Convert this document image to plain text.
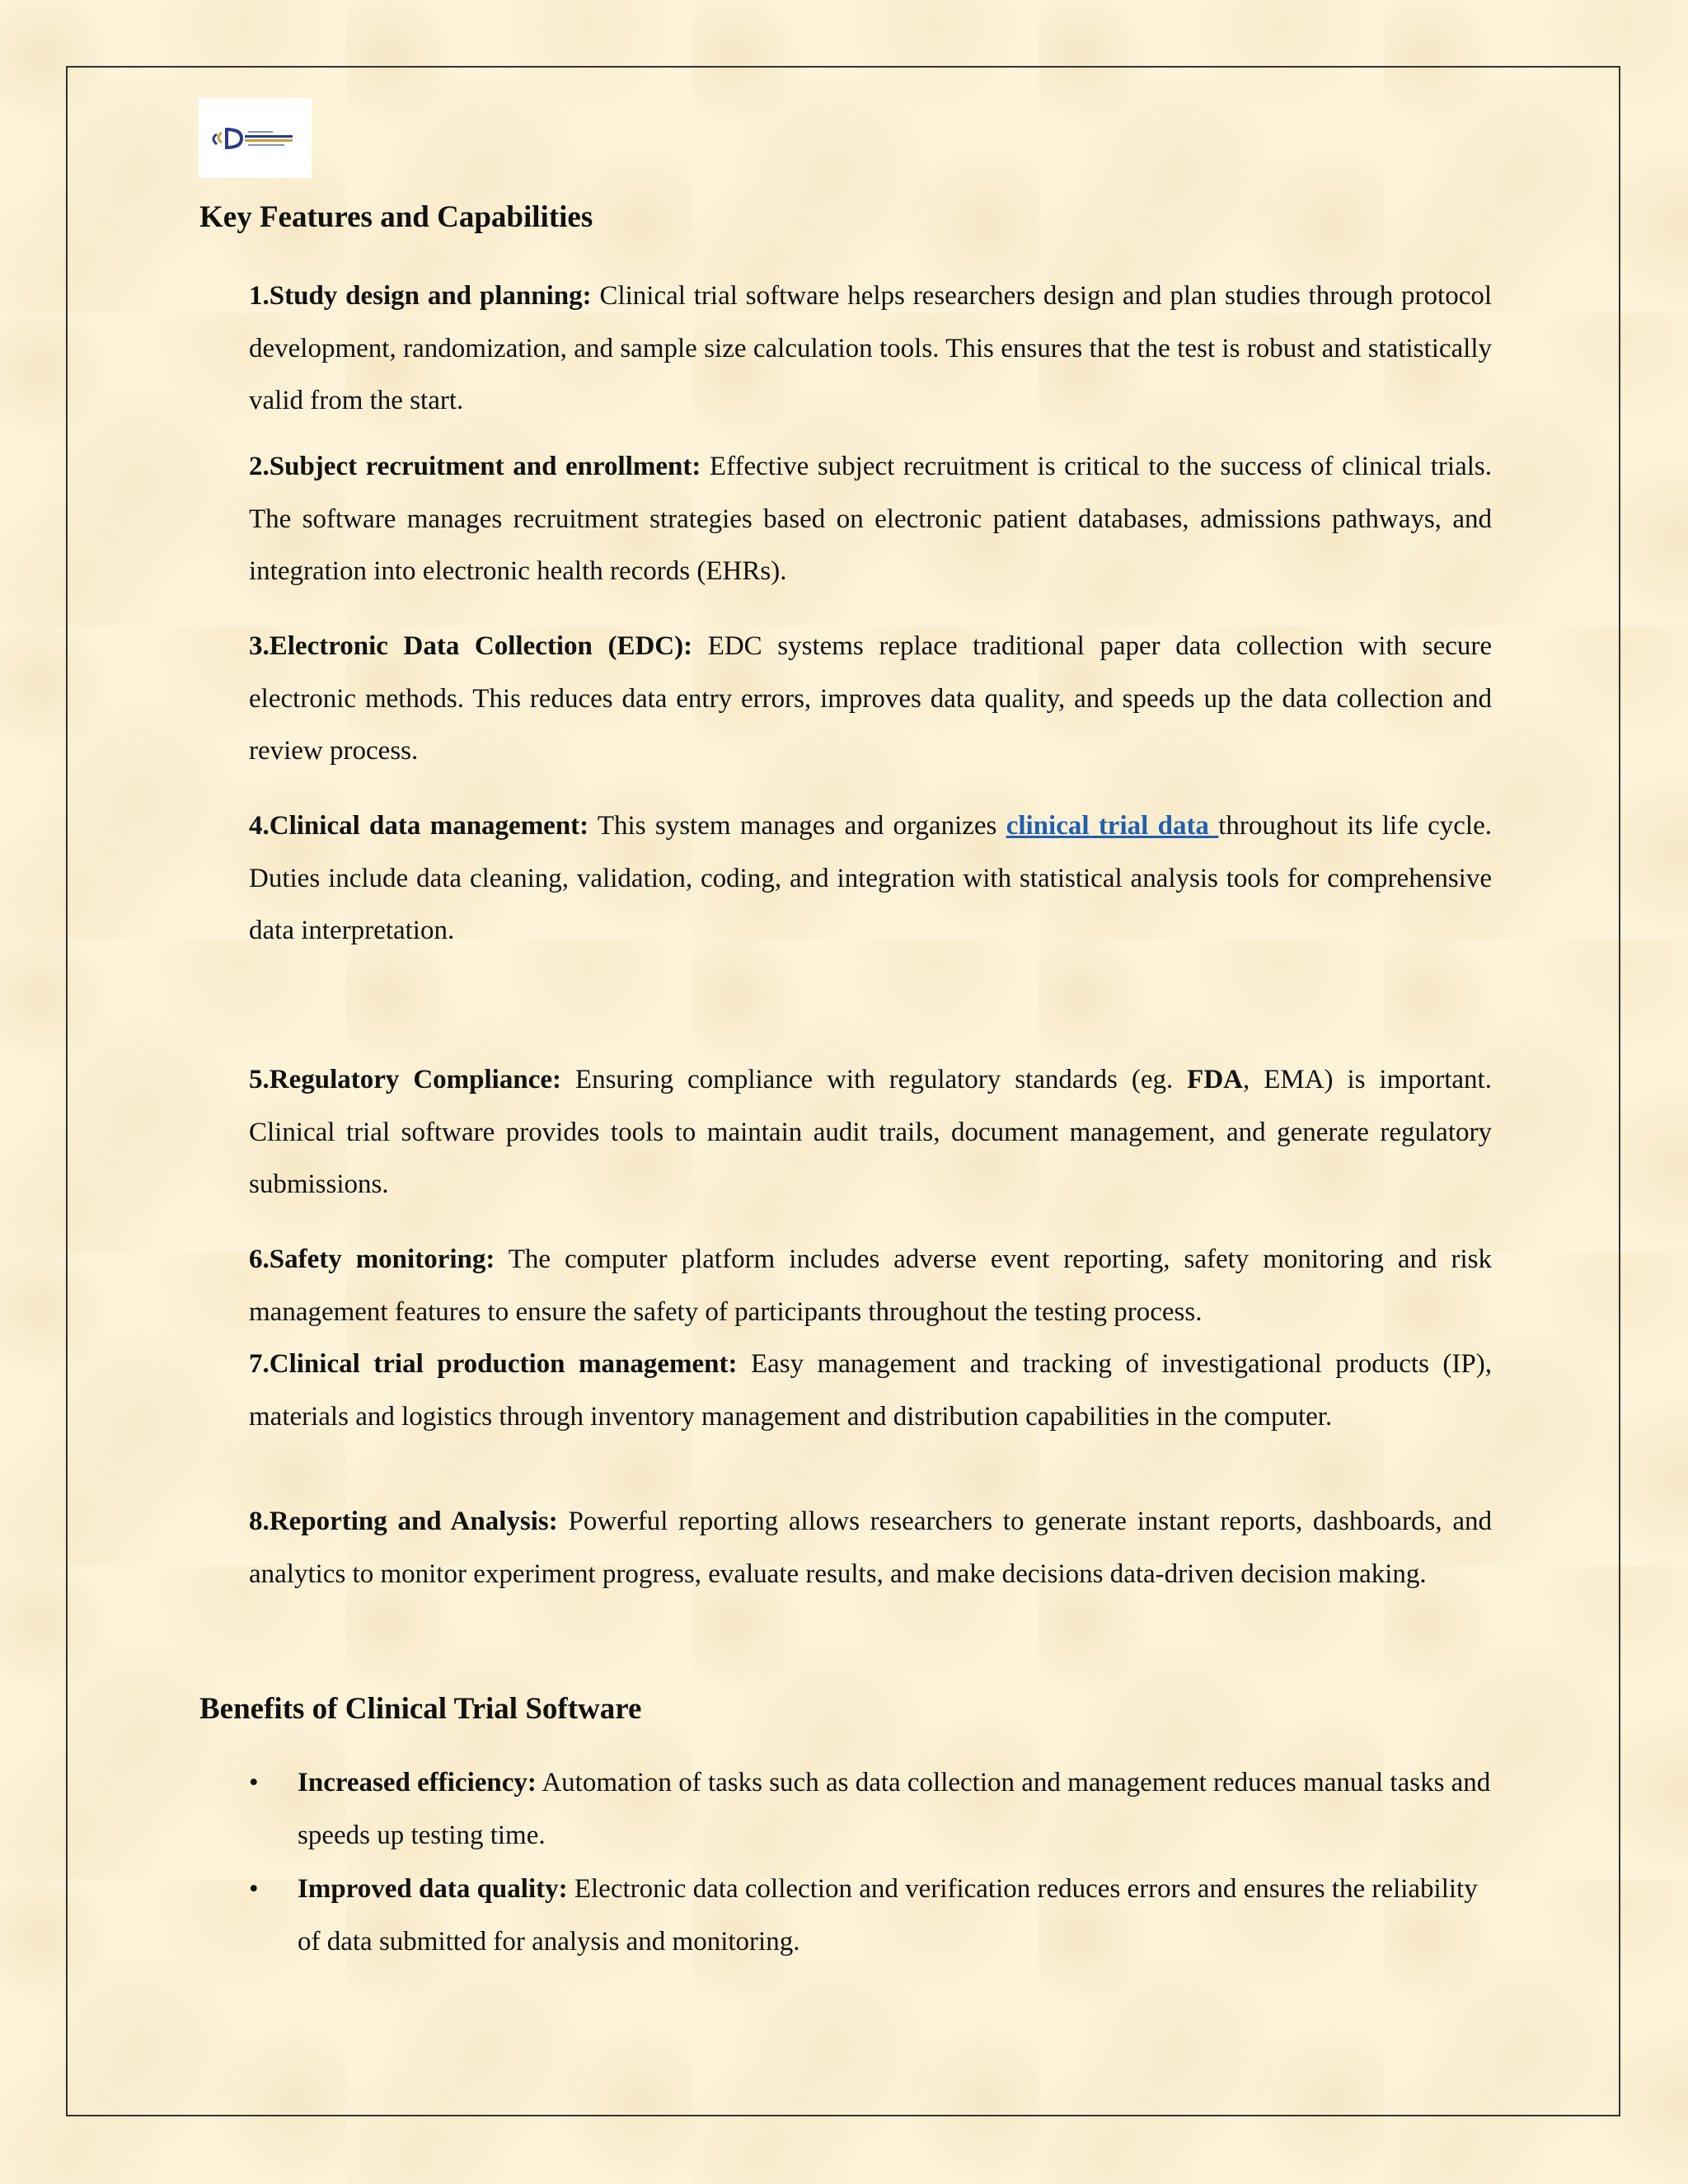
Key Features and Capabilities

1.Study design and planning: Clinical trial software helps researchers design and plan studies through protocol development, randomization, and sample size calculation tools. This ensures that the test is robust and statistically valid from the start.

2.Subject recruitment and enrollment: Effective subject recruitment is critical to the success of clinical trials. The software manages recruitment strategies based on electronic patient databases, admissions pathways, and integration into electronic health records (EHRs).

3.Electronic Data Collection (EDC): EDC systems replace traditional paper data collection with secure electronic methods. This reduces data entry errors, improves data quality, and speeds up the data collection and review process.

4.Clinical data management: This system manages and organizes clinical trial data throughout its life cycle. Duties include data cleaning, validation, coding, and integration with statistical analysis tools for comprehensive data interpretation.

5.Regulatory Compliance: Ensuring compliance with regulatory standards (eg. FDA, EMA) is important. Clinical trial software provides tools to maintain audit trails, document management, and generate regulatory submissions.

6.Safety monitoring: The computer platform includes adverse event reporting, safety monitoring and risk management features to ensure the safety of participants throughout the testing process.

7.Clinical trial production management: Easy management and tracking of investigational products (IP), materials and logistics through inventory management and distribution capabilities in the computer.

8.Reporting and Analysis: Powerful reporting allows researchers to generate instant reports, dashboards, and analytics to monitor experiment progress, evaluate results, and make decisions data-driven decision making.

Benefits of Clinical Trial Software
• Increased efficiency: Automation of tasks such as data collection and management reduces manual tasks and speeds up testing time.
• Improved data quality: Electronic data collection and verification reduces errors and ensures the reliability of data submitted for analysis and monitoring.
